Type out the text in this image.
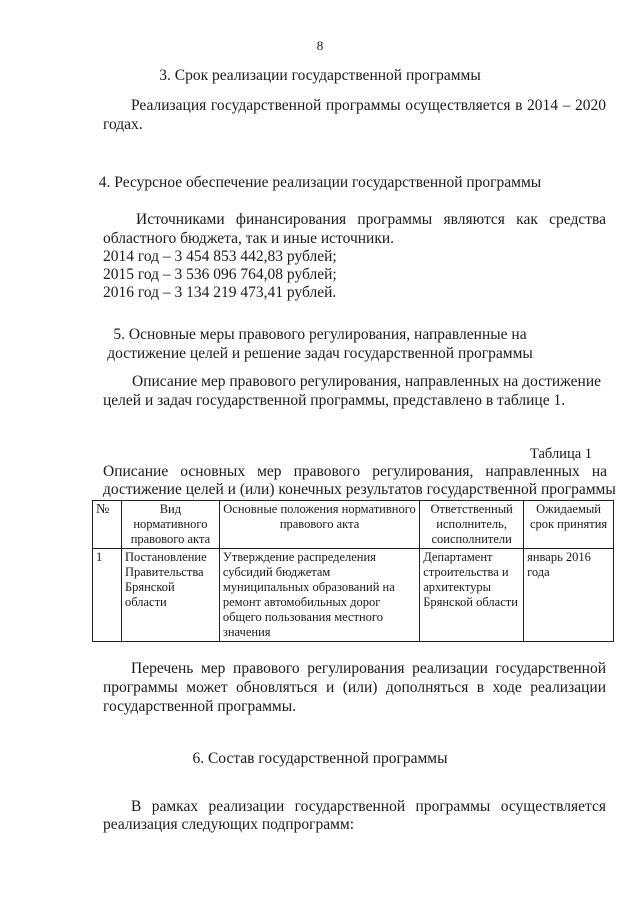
8
3. Срок реализации государственной программы
Реализация государственной программы осуществляется в 2014 – 2020
годах.
4. Ресурсное обеспечение реализации государственной программы
Источниками финансирования программы являются как средства
областного бюджета, так и иные источники.
2014 год – 3 454 853 442,83 рублей;
2015 год – 3 536 096 764,08 рублей;
2016 год – 3 134 219 473,41 рублей.
5. Основные меры правового регулирования, направленные на
достижение целей и решение задач государственной программы
Описание мер правового регулирования, направленных на достижение
целей и задач государственной программы, представлено в таблице 1.
Таблица 1
Описание основных мер правового регулирования, направленных на
достижение целей и (или) конечных результатов государственной программы
№	Вид нормативного правового акта	Основные положения нормативного правового акта	Ответственный исполнитель, соисполнители	Ожидаемый срок принятия
1	Постановление Правительства Брянской области	Утверждение распределения субсидий бюджетам муниципальных образований на ремонт автомобильных дорог общего пользования местного значения	Департамент строительства и архитектуры Брянской области	январь 2016 года
Перечень мер правового регулирования реализации государственной
программы может обновляться и (или) дополняться в ходе реализации
государственной программы.
6. Состав государственной программы
В рамках реализации государственной программы осуществляется
реализация следующих подпрограмм:
